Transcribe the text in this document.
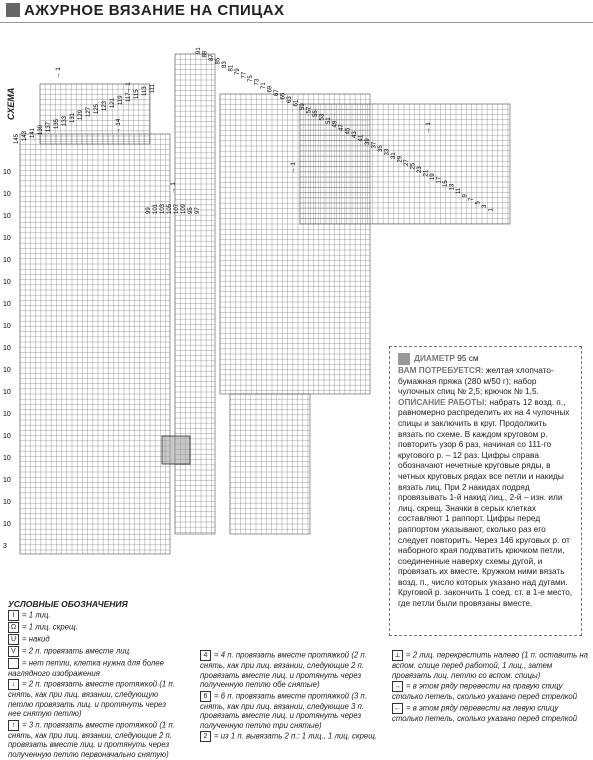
АЖУРНОЕ ВЯЗАНИЕ НА СПИЦАХ
СХЕМА
10
10
10
10
10
10
10
10
10
10
10
10
10
10
10
10
10
3
145 143 141 139 137 135 133 131 129 127 125 123 121 119 117 115 113 111
99 101 103 105 107 109 95 97
91
89
87
85
83
81
79
77
75
73
71
69
67
65
63
61
59
57
55
53
51
49
47
45
43
41
39
37
35
33
31
29
27
25
23
21
19
17
15
13
11
9
7
5
3
1
→ 1
→ 1
→ 14	→ 1
→ 1
→ 1
ДИАМЕТР 95 см
ВАМ ПОТРЕБУЕТСЯ: желтая хлопчато-бумажная пряжа (280 м/50 г); набор чулочных спиц № 2,5; крючок № 1,5.
ОПИСАНИЕ РАБОТЫ: набрать 12 возд. п., равномерно распределить их на 4 чулочных спицы и заключить в круг. Продолжить вязать по схеме. В каждом круговом р. повторить узор 6 раз, начиная со 111-го кругового р. – 12 раз. Цифры справа обозначают нечетные круговые ряды, в четных круговых рядах все петли и накиды вязать лиц. При 2 накидах подряд провязывать 1-й накид лиц., 2-й – изн. или лиц. скрещ. Значки в серых клетках составляют 1 раппорт. Цифры перед раппортом указывают, сколько раз его следует повторить. Через 146 круговых р. от наборного края подхватить крючком петли, соединенные наверху схемы дугой, и провязать их вместе. Кружком ними вязать возд. п., число которых указано над дугами. Круговой р. закончить 1 соед. ст. в 1-е место, где петли были провязаны вместе.
УСЛОВНЫЕ ОБОЗНАЧЕНИЯ
I = 1 лиц.
Ω = 1 лиц. скрещ.
U = накид
V = 2 п. провязать вместе лиц.
= нет петли, клетка нужна для более наглядного изображения
↓ = 2 п. провязать вместе протяжкой (1 п. снять, как при лиц. вязании, следующую петлю провязать лиц. и протянуть через нее снятую петлю)
↑ = 3 п. провязать вместе протяжкой (1 п. снять, как при лиц. вязании, следующие 2 п. провязать вместе лиц. и протянуть через полученную петлю первоначально снятую)
4 = 4 п. провязать вместе протяжкой (2 п. снять, как при лиц. вязании, следующие 2 п. провязать вместе лиц. и протянуть через полученную петлю обе снятые)
6 = 6 п. провязать вместе протяжкой (3 п. снять, как при лиц. вязании, следующие 3 п. провязать вместе лиц. и протянуть через полученную петлю три снятые)
2 = из 1 п. вывязать 2 п.: 1 лиц., 1 лиц. скрещ.
⟂ = 2 лиц. перекрестить налево (1 п. оставить на вспом. спице перед работой, 1 лиц., затем провязать лиц. петлю со вспом. спицы)
→ = в этом ряду перевести на правую спицу столько петель, сколько указано перед стрелкой
← = в этом ряду перевести на левую спицу столько петель, сколько указано перед стрелкой
